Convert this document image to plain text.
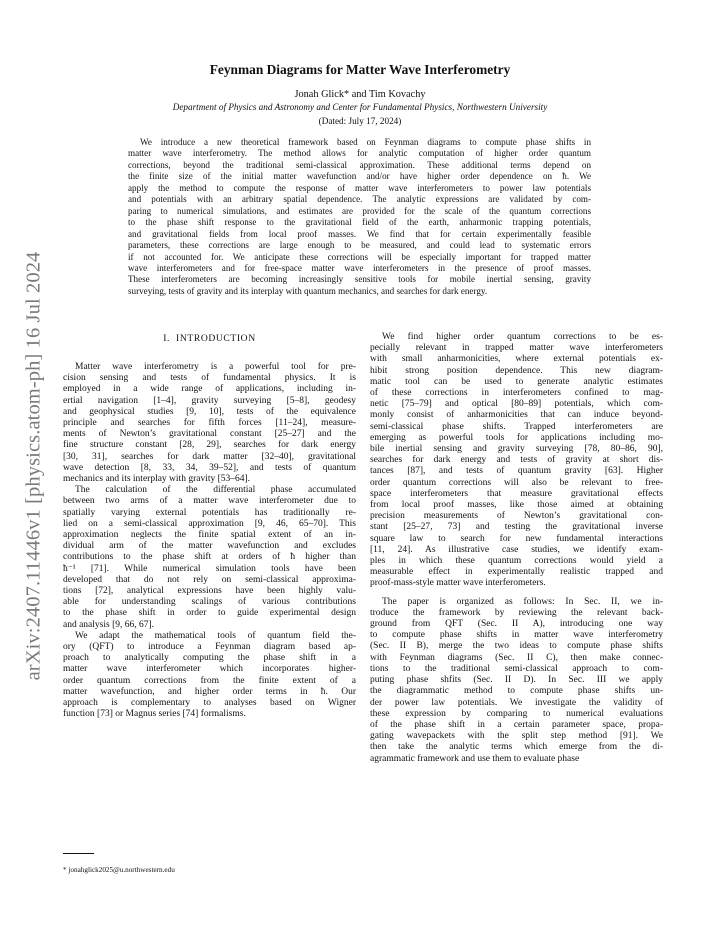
arXiv:2407.11446v1 [physics.atom-ph] 16 Jul 2024
Feynman Diagrams for Matter Wave Interferometry
Jonah Glick* and Tim Kovachy
Department of Physics and Astronomy and Center for Fundamental Physics, Northwestern University
(Dated: July 17, 2024)
We introduce a new theoretical framework based on Feynman diagrams to compute phase shifts in
matter wave interferometry. The method allows for analytic computation of higher order quantum
corrections, beyond the traditional semi-classical approximation. These additional terms depend on
the finite size of the initial matter wavefunction and/or have higher order dependence on ħ. We
apply the method to compute the response of matter wave interferometers to power law potentials
and potentials with an arbitrary spatial dependence. The analytic expressions are validated by com-
paring to numerical simulations, and estimates are provided for the scale of the quantum corrections
to the phase shift response to the gravitational field of the earth, anharmonic trapping potentials,
and gravitational fields from local proof masses. We find that for certain experimentally feasible
parameters, these corrections are large enough to be measured, and could lead to systematic errors
if not accounted for. We anticipate these corrections will be especially important for trapped matter
wave interferometers and for free-space matter wave interferometers in the presence of proof masses.
These interferometers are becoming increasingly sensitive tools for mobile inertial sensing, gravity
surveying, tests of gravity and its interplay with quantum mechanics, and searches for dark energy.
I. INTRODUCTION
Matter wave interferometry is a powerful tool for pre-
cision sensing and tests of fundamental physics. It is
employed in a wide range of applications, including in-
ertial navigation [1–4], gravity surveying [5–8], geodesy
and geophysical studies [9, 10], tests of the equivalence
principle and searches for fifth forces [11–24], measure-
ments of Newton’s gravitational constant [25–27] and the
fine structure constant [28, 29], searches for dark energy
[30, 31], searches for dark matter [32–40], gravitational
wave detection [8, 33, 34, 39–52], and tests of quantum
mechanics and its interplay with gravity [53–64].
The calculation of the differential phase accumulated
between two arms of a matter wave interferometer due to
spatially varying external potentials has traditionally re-
lied on a semi-classical approximation [9, 46, 65–70]. This
approximation neglects the finite spatial extent of an in-
dividual arm of the matter wavefunction and excludes
contributions to the phase shift at orders of ħ higher than
ħ⁻¹ [71]. While numerical simulation tools have been
developed that do not rely on semi-classical approxima-
tions [72], analytical expressions have been highly valu-
able for understanding scalings of various contributions
to the phase shift in order to guide experimental design
and analysis [9, 66, 67].
We adapt the mathematical tools of quantum field the-
ory (QFT) to introduce a Feynman diagram based ap-
proach to analytically computing the phase shift in a
matter wave interferometer which incorporates higher-
order quantum corrections from the finite extent of a
matter wavefunction, and higher order terms in ħ. Our
approach is complementary to analyses based on Wigner
function [73] or Magnus series [74] formalisms.
We find higher order quantum corrections to be es-
pecially relevant in trapped matter wave interferometers
with small anharmonicities, where external potentials ex-
hibit strong position dependence. This new diagram-
matic tool can be used to generate analytic estimates
of these corrections in interferometers confined to mag-
netic [75–79] and optical [80–89] potentials, which com-
monly consist of anharmonicities that can induce beyond-
semi-classical phase shifts. Trapped interferometers are
emerging as powerful tools for applications including mo-
bile inertial sensing and gravity surveying [78, 80–86, 90],
searches for dark energy and tests of gravity at short dis-
tances [87], and tests of quantum gravity [63]. Higher
order quantum corrections will also be relevant to free-
space interferometers that measure gravitational effects
from local proof masses, like those aimed at obtaining
precision measurements of Newton’s gravitational con-
stant [25–27, 73] and testing the gravitational inverse
square law to search for new fundamental interactions
[11, 24]. As illustrative case studies, we identify exam-
ples in which these quantum corrections would yield a
measurable effect in experimentally realistic trapped and
proof-mass-style matter wave interferometers.
The paper is organized as follows: In Sec. II, we in-
troduce the framework by reviewing the relevant back-
ground from QFT (Sec. II A), introducing one way
to compute phase shifts in matter wave interferometry
(Sec. II B), merge the two ideas to compute phase shifts
with Feynman diagrams (Sec. II C), then make connec-
tions to the traditional semi-classical approach to com-
puting phase shfits (Sec. II D). In Sec. III we apply
the diagrammatic method to compute phase shifts un-
der power law potentials. We investigate the validity of
these expression by comparing to numerical evaluations
of the phase shift in a certain parameter space, propa-
gating wavepackets with the split step method [91]. We
then take the analytic terms which emerge from the di-
agrammatic framework and use them to evaluate phase
* jonahglick2025@u.northwestern.edu
